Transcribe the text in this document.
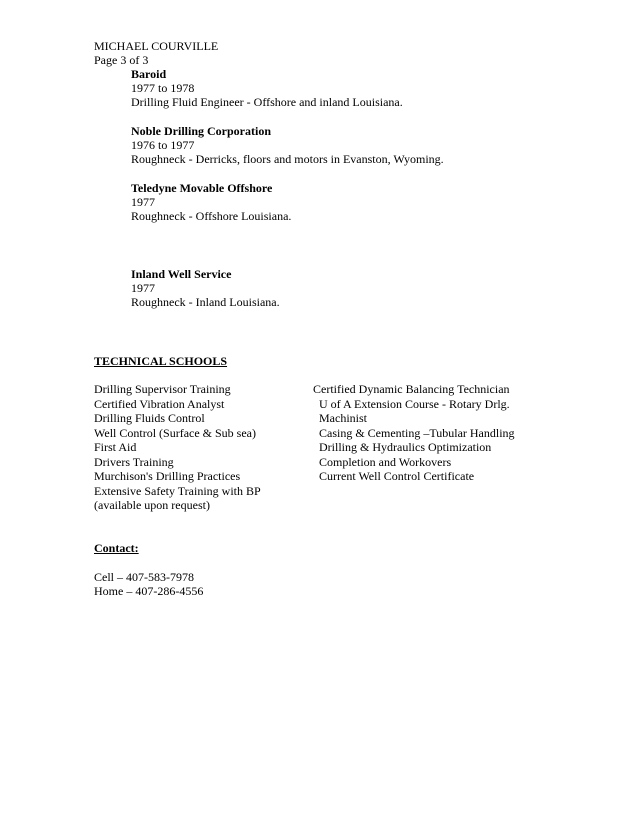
MICHAEL COURVILLE
Page 3 of 3
Baroid
1977 to 1978
Drilling Fluid Engineer - Offshore and inland Louisiana.
Noble Drilling Corporation
1976 to 1977
Roughneck - Derricks, floors and motors in Evanston, Wyoming.
Teledyne Movable Offshore
1977
Roughneck - Offshore Louisiana.
Inland Well Service
1977
Roughneck - Inland Louisiana.
TECHNICAL SCHOOLS
Drilling Supervisor Training
Certified Vibration Analyst
Drilling Fluids Control
Well Control (Surface & Sub sea)
First Aid
Drivers Training
Murchison's Drilling Practices
Extensive Safety Training with BP
(available upon request)
Certified Dynamic Balancing Technician
U of A Extension Course - Rotary Drlg.
Machinist
Casing & Cementing –Tubular Handling
Drilling & Hydraulics Optimization
Completion and Workovers
Current Well Control Certificate
Contact:
Cell – 407-583-7978
Home – 407-286-4556
